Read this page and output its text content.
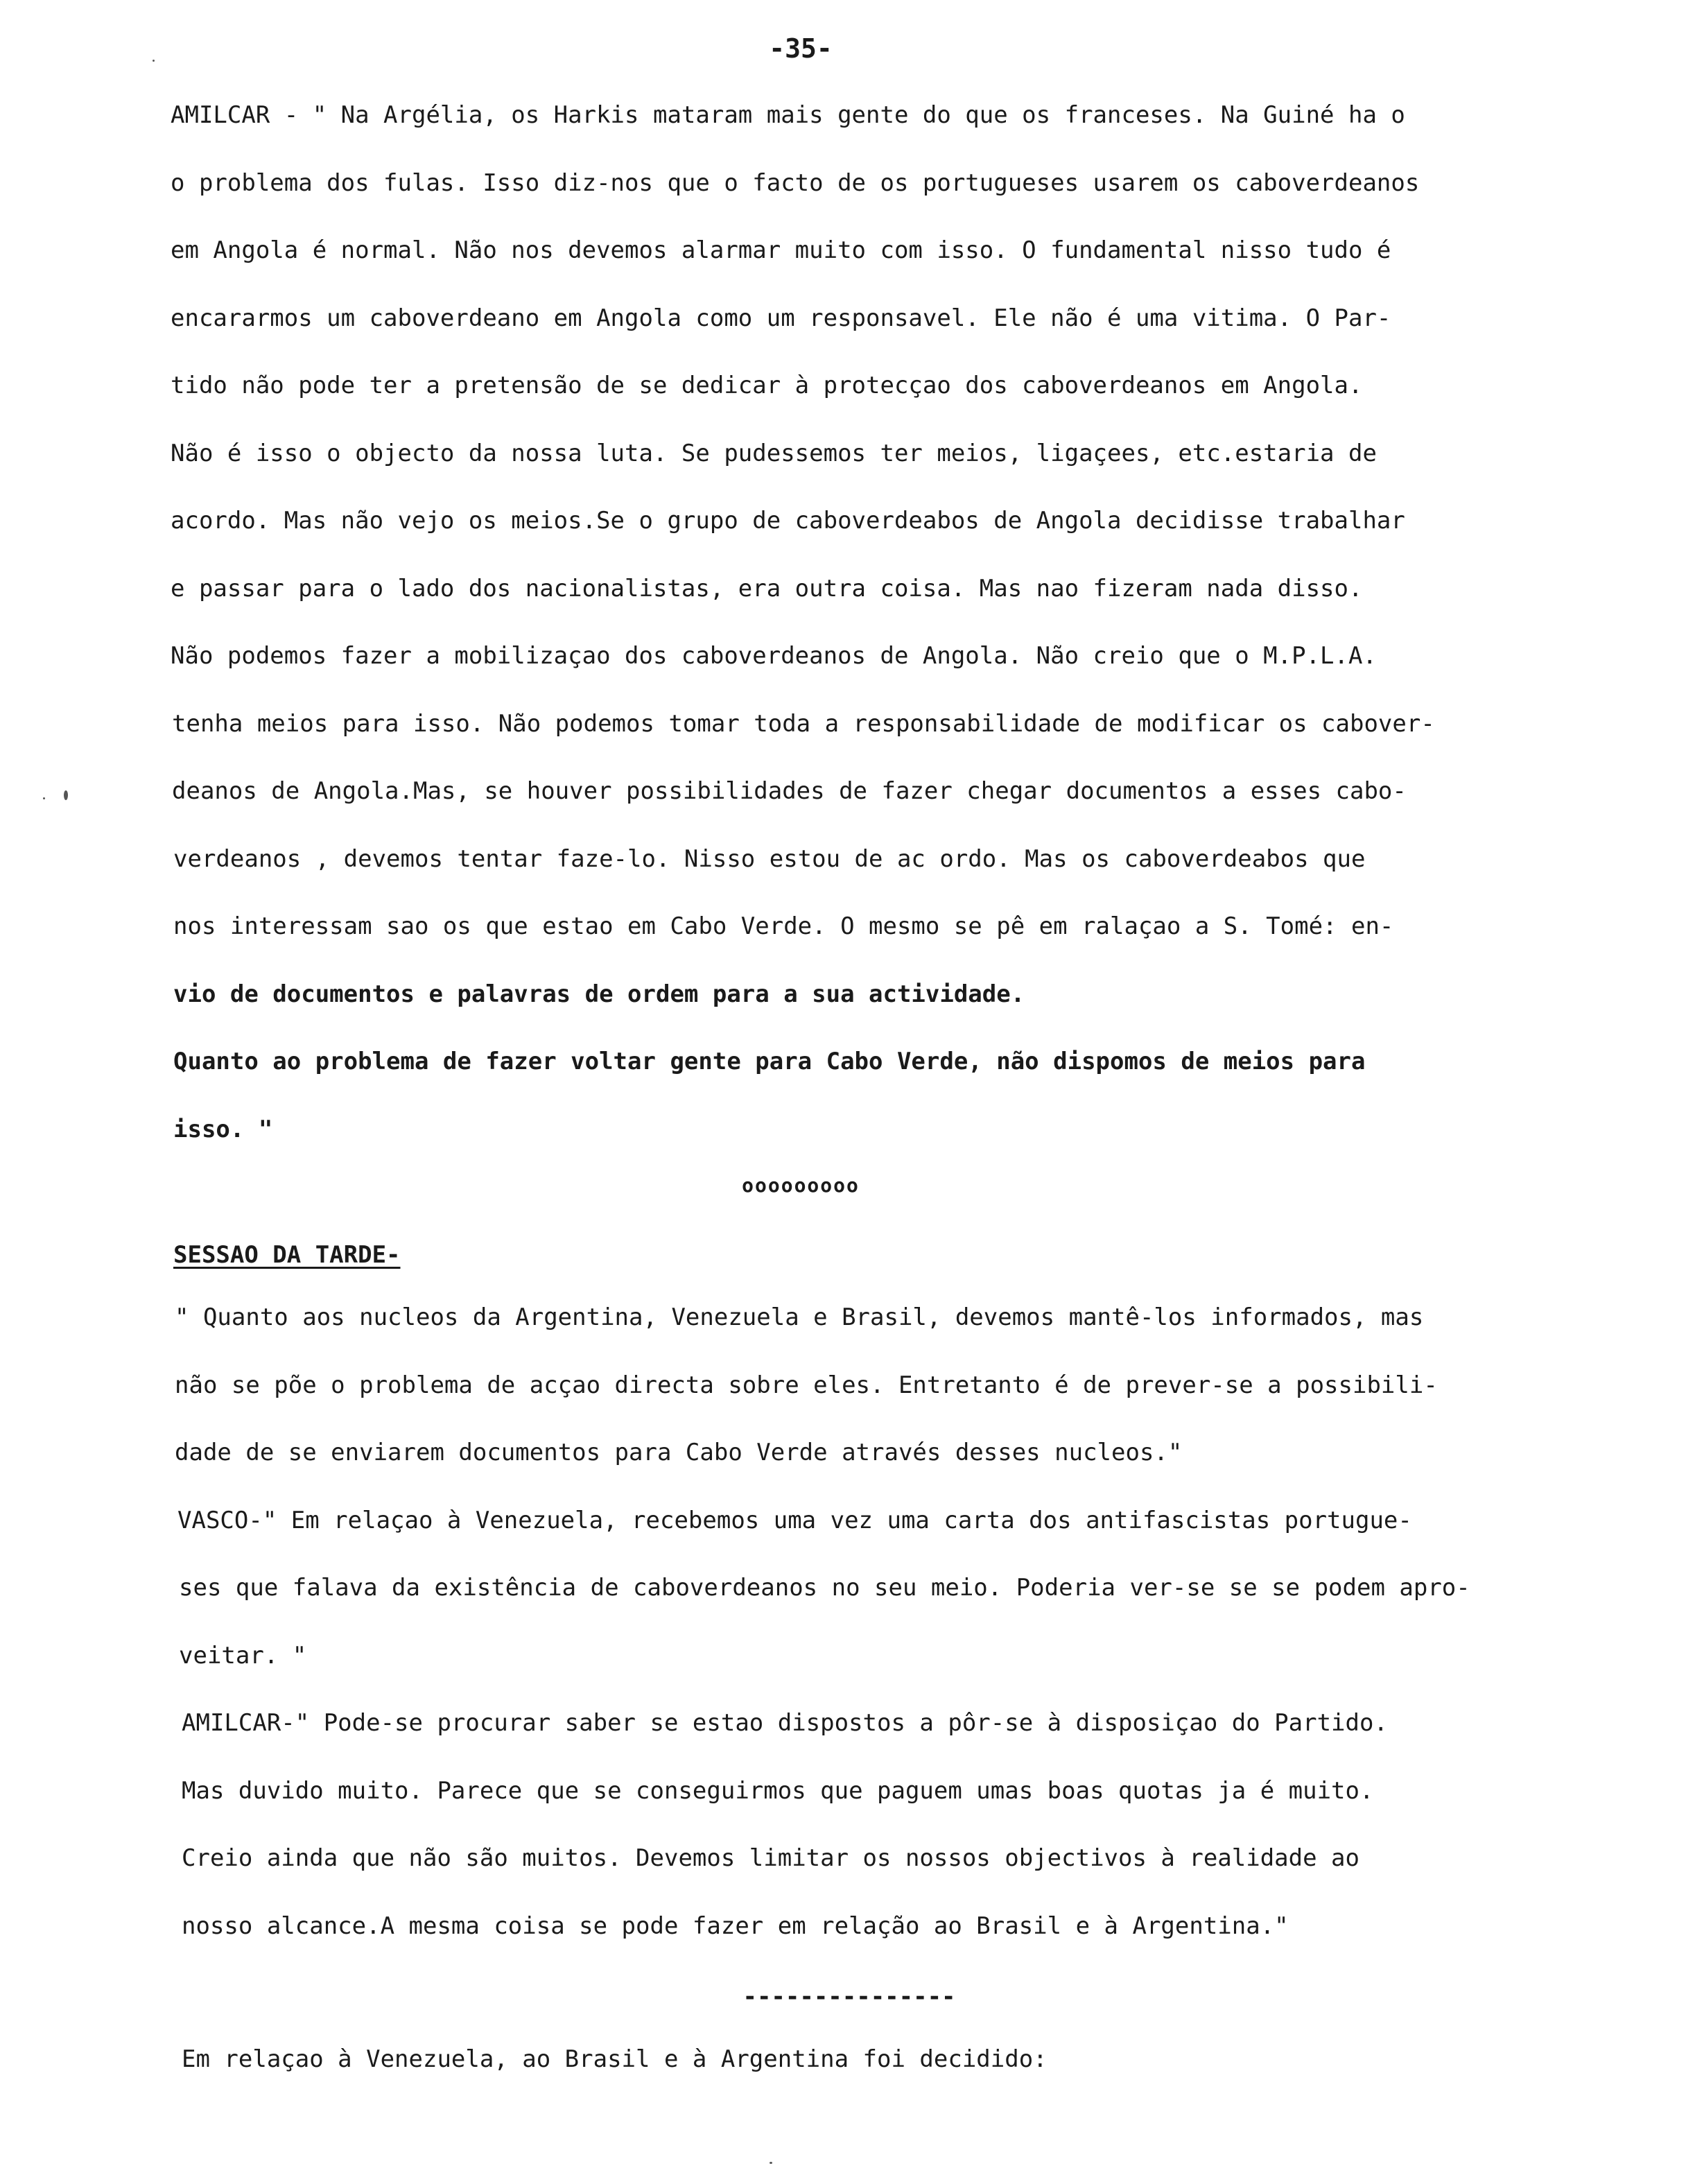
-35-
AMILCAR - " Na Argélia, os Harkis mataram mais gente do que os franceses. Na Guiné ha o
o problema dos fulas. Isso diz-nos que o facto de os portugueses usarem os caboverdeanos
em Angola é normal. Não nos devemos alarmar muito com isso. O fundamental nisso tudo é
encararmos um caboverdeano em Angola como um responsavel. Ele não é uma vitima. O Par-
tido não pode ter a pretensão de se dedicar à protecçao dos caboverdeanos em Angola.
Não é isso o objecto da nossa luta. Se pudessemos ter meios, ligaçees, etc.estaria de
acordo. Mas não vejo os meios.Se o grupo de caboverdeabos de Angola decidisse trabalhar
e passar para o lado dos nacionalistas, era outra coisa. Mas nao fizeram nada disso.
Não podemos fazer a mobilizaçao dos caboverdeanos de Angola. Não creio que o M.P.L.A.
tenha meios para isso. Não podemos tomar toda a responsabilidade de modificar os cabover-
deanos de Angola.Mas, se houver possibilidades de fazer chegar documentos a esses cabo-
verdeanos , devemos tentar faze-lo. Nisso estou de ac ordo. Mas os caboverdeabos que
nos interessam sao os que estao em Cabo Verde. O mesmo se pê em ralaçao a S. Tomé: en-
vio de documentos e palavras de ordem para a sua actividade.
Quanto ao problema de fazer voltar gente para Cabo Verde, não dispomos de meios para
isso. "
ooooooooo
SESSAO DA TARDE-
" Quanto aos nucleos da Argentina, Venezuela e Brasil, devemos mantê-los informados, mas
não se põe o problema de acçao directa sobre eles. Entretanto é de prever-se a possibili-
dade de se enviarem documentos para Cabo Verde através desses nucleos."
VASCO-" Em relaçao à Venezuela, recebemos uma vez uma carta dos antifascistas portugue-
ses que falava da existência de caboverdeanos no seu meio. Poderia ver-se se se podem apro-
veitar. "
AMILCAR-" Pode-se procurar saber se estao dispostos a pôr-se à disposiçao do Partido.
Mas duvido muito. Parece que se conseguirmos que paguem umas boas quotas ja é muito.
Creio ainda que não são muitos. Devemos limitar os nossos objectivos à realidade ao
nosso alcance.A mesma coisa se pode fazer em relação ao Brasil e à Argentina."
---------------
Em relaçao à Venezuela, ao Brasil e à Argentina foi decidido:
